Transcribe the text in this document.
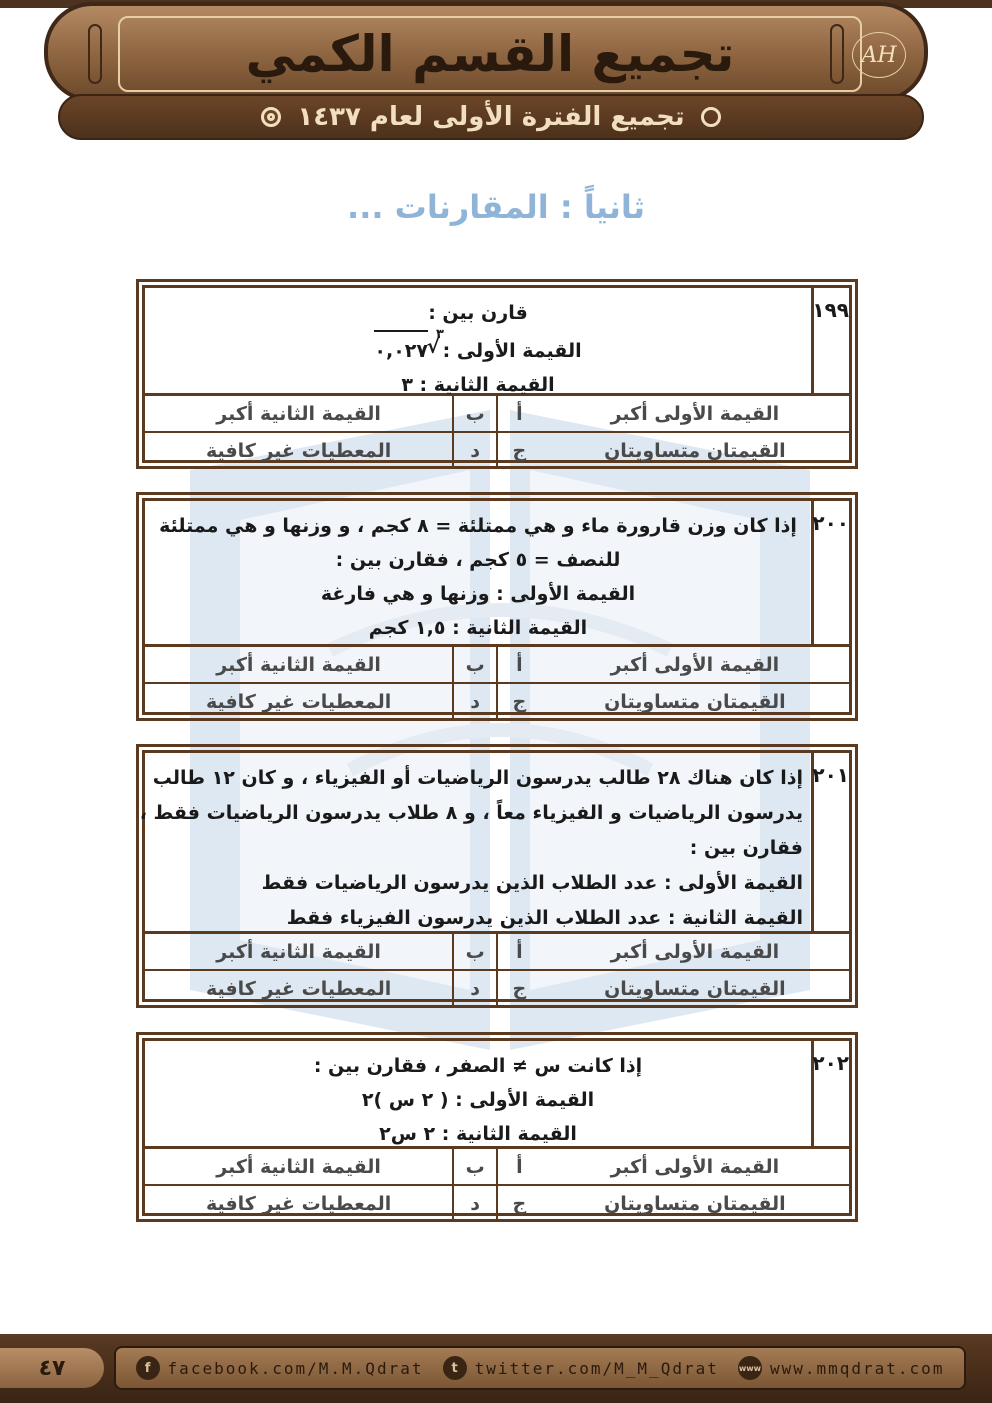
تجميع القسم الكمي	AH
تجميع الفترة الأولى لعام ١٤٣٧
ثانياً : المقارنات ...
١٩٩
قارن بين :
القيمة الأولى :
٣
√
٠,٠٢٧
القيمة الثانية : ٣
القيمة الأولى أكبر	أ	ب	القيمة الثانية أكبر
القيمتان متساويتان	ج	د	المعطيات غير كافية
٢٠٠
إذا كان وزن قارورة ماء و هي ممتلئة = ٨ كجم ، و وزنها و هي ممتلئة
للنصف = ٥ كجم ، فقارن بين :
القيمة الأولى : وزنها و هي فارغة
القيمة الثانية : ١,٥ كجم
القيمة الأولى أكبر	أ	ب	القيمة الثانية أكبر
القيمتان متساويتان	ج	د	المعطيات غير كافية
٢٠١
إذا كان هناك ٢٨ طالب يدرسون الرياضيات أو الفيزياء ، و كان ١٢ طالب
يدرسون الرياضيات و الفيزياء معاً ، و ٨ طلاب يدرسون الرياضيات فقط ،
فقارن بين :
القيمة الأولى : عدد الطلاب الذين يدرسون الرياضيات فقط
القيمة الثانية : عدد الطلاب الذين يدرسون الفيزياء فقط
القيمة الأولى أكبر	أ	ب	القيمة الثانية أكبر
القيمتان متساويتان	ج	د	المعطيات غير كافية
٢٠٢
إذا كانت س ≠ الصفر ، فقارن بين :
القيمة الأولى : ( ٢ س )٢
القيمة الثانية : ٢ س٢
القيمة الأولى أكبر	أ	ب	القيمة الثانية أكبر
القيمتان متساويتان	ج	د	المعطيات غير كافية
٤٧	f	facebook.com/M.M.Qdrat	t	twitter.com/M_M_Qdrat	www www.mmqdrat.com
